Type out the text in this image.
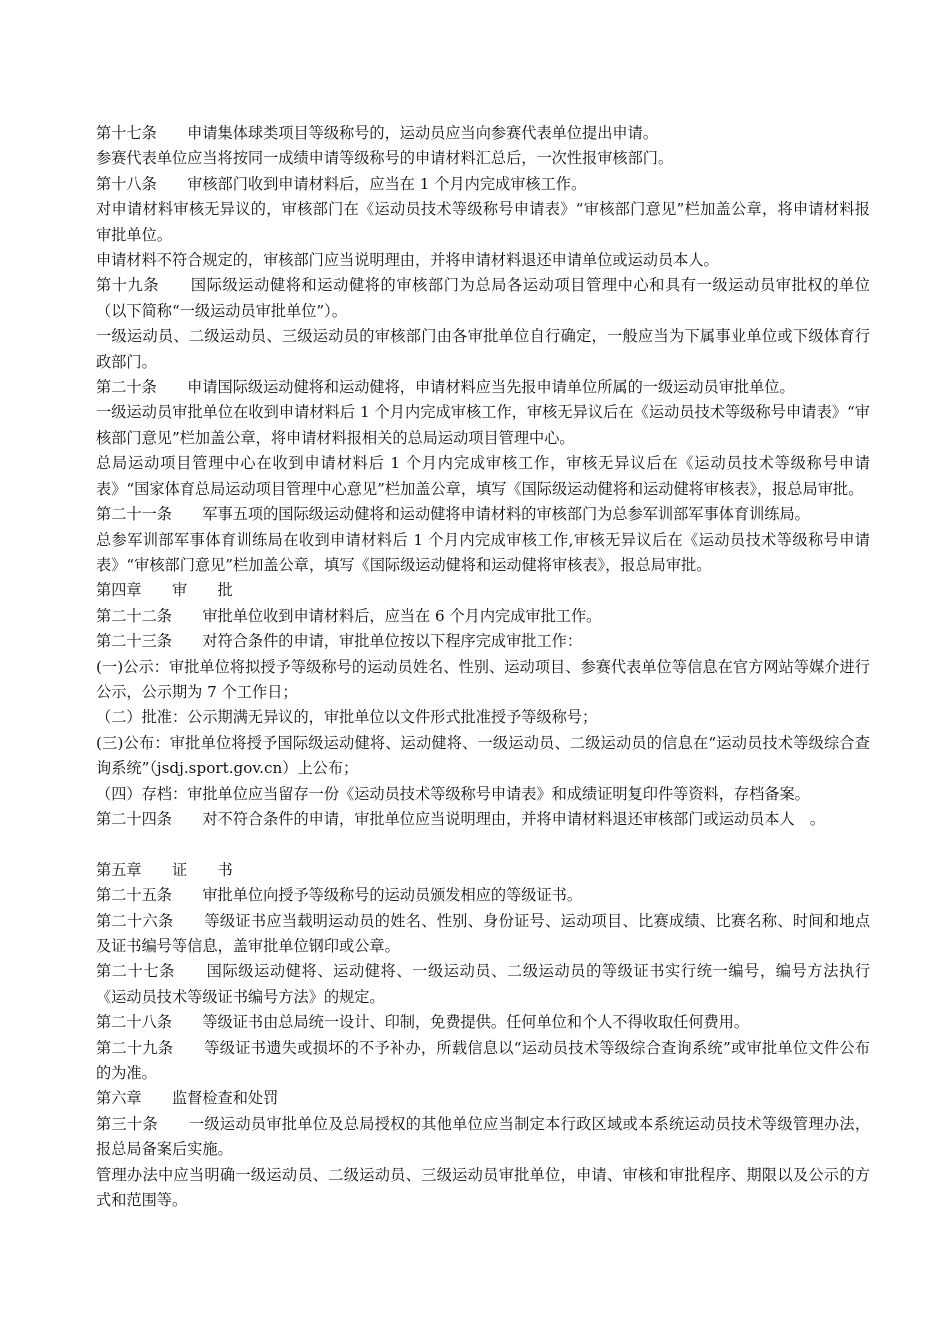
第十七条　　申请集体球类项目等级称号的，运动员应当向参赛代表单位提出申请。

参赛代表单位应当将按同一成绩申请等级称号的申请材料汇总后，一次性报审核部门。

第十八条　　审核部门收到申请材料后，应当在 1 个月内完成审核工作。

对申请材料审核无异议的，审核部门在《运动员技术等级称号申请表》“审核部门意见”栏加盖公章，将申请材料报审批单位。

申请材料不符合规定的，审核部门应当说明理由，并将申请材料退还申请单位或运动员本人。

第十九条　　国际级运动健将和运动健将的审核部门为总局各运动项目管理中心和具有一级运动员审批权的单位（以下简称“一级运动员审批单位”）。

一级运动员、二级运动员、三级运动员的审核部门由各审批单位自行确定，一般应当为下属事业单位或下级体育行政部门。

第二十条　　申请国际级运动健将和运动健将，申请材料应当先报申请单位所属的一级运动员审批单位。

一级运动员审批单位在收到申请材料后 1 个月内完成审核工作，审核无异议后在《运动员技术等级称号申请表》“审核部门意见”栏加盖公章，将申请材料报相关的总局运动项目管理中心。

总局运动项目管理中心在收到申请材料后 1 个月内完成审核工作，审核无异议后在《运动员技术等级称号申请表》“国家体育总局运动项目管理中心意见”栏加盖公章，填写《国际级运动健将和运动健将审核表》，报总局审批。

第二十一条　　军事五项的国际级运动健将和运动健将申请材料的审核部门为总参军训部军事体育训练局。

总参军训部军事体育训练局在收到申请材料后 1 个月内完成审核工作,审核无异议后在《运动员技术等级称号申请表》“审核部门意见”栏加盖公章，填写《国际级运动健将和运动健将审核表》，报总局审批。

第四章　　审　　批

第二十二条　　审批单位收到申请材料后，应当在 6 个月内完成审批工作。

第二十三条　　对符合条件的申请，审批单位按以下程序完成审批工作：

(一)公示：审批单位将拟授予等级称号的运动员姓名、性别、运动项目、参赛代表单位等信息在官方网站等媒介进行公示，公示期为 7 个工作日；

（二）批准：公示期满无异议的，审批单位以文件形式批准授予等级称号；

(三)公布：审批单位将授予国际级运动健将、运动健将、一级运动员、二级运动员的信息在“运动员技术等级综合查询系统”（jsdj.sport.gov.cn）上公布；

（四）存档：审批单位应当留存一份《运动员技术等级称号申请表》和成绩证明复印件等资料，存档备案。

第二十四条　　对不符合条件的申请，审批单位应当说明理由，并将申请材料退还审核部门或运动员本人　。

第五章　　证　　书

第二十五条　　审批单位向授予等级称号的运动员颁发相应的等级证书。

第二十六条　　等级证书应当载明运动员的姓名、性别、身份证号、运动项目、比赛成绩、比赛名称、时间和地点及证书编号等信息，盖审批单位钢印或公章。

第二十七条　　国际级运动健将、运动健将、一级运动员、二级运动员的等级证书实行统一编号，编号方法执行《运动员技术等级证书编号方法》的规定。

第二十八条　　等级证书由总局统一设计、印制，免费提供。任何单位和个人不得收取任何费用。

第二十九条　　等级证书遗失或损坏的不予补办，所载信息以“运动员技术等级综合查询系统”或审批单位文件公布的为准。

第六章　　监督检查和处罚

第三十条　　一级运动员审批单位及总局授权的其他单位应当制定本行政区域或本系统运动员技术等级管理办法，报总局备案后实施。

管理办法中应当明确一级运动员、二级运动员、三级运动员审批单位，申请、审核和审批程序、期限以及公示的方式和范围等。
